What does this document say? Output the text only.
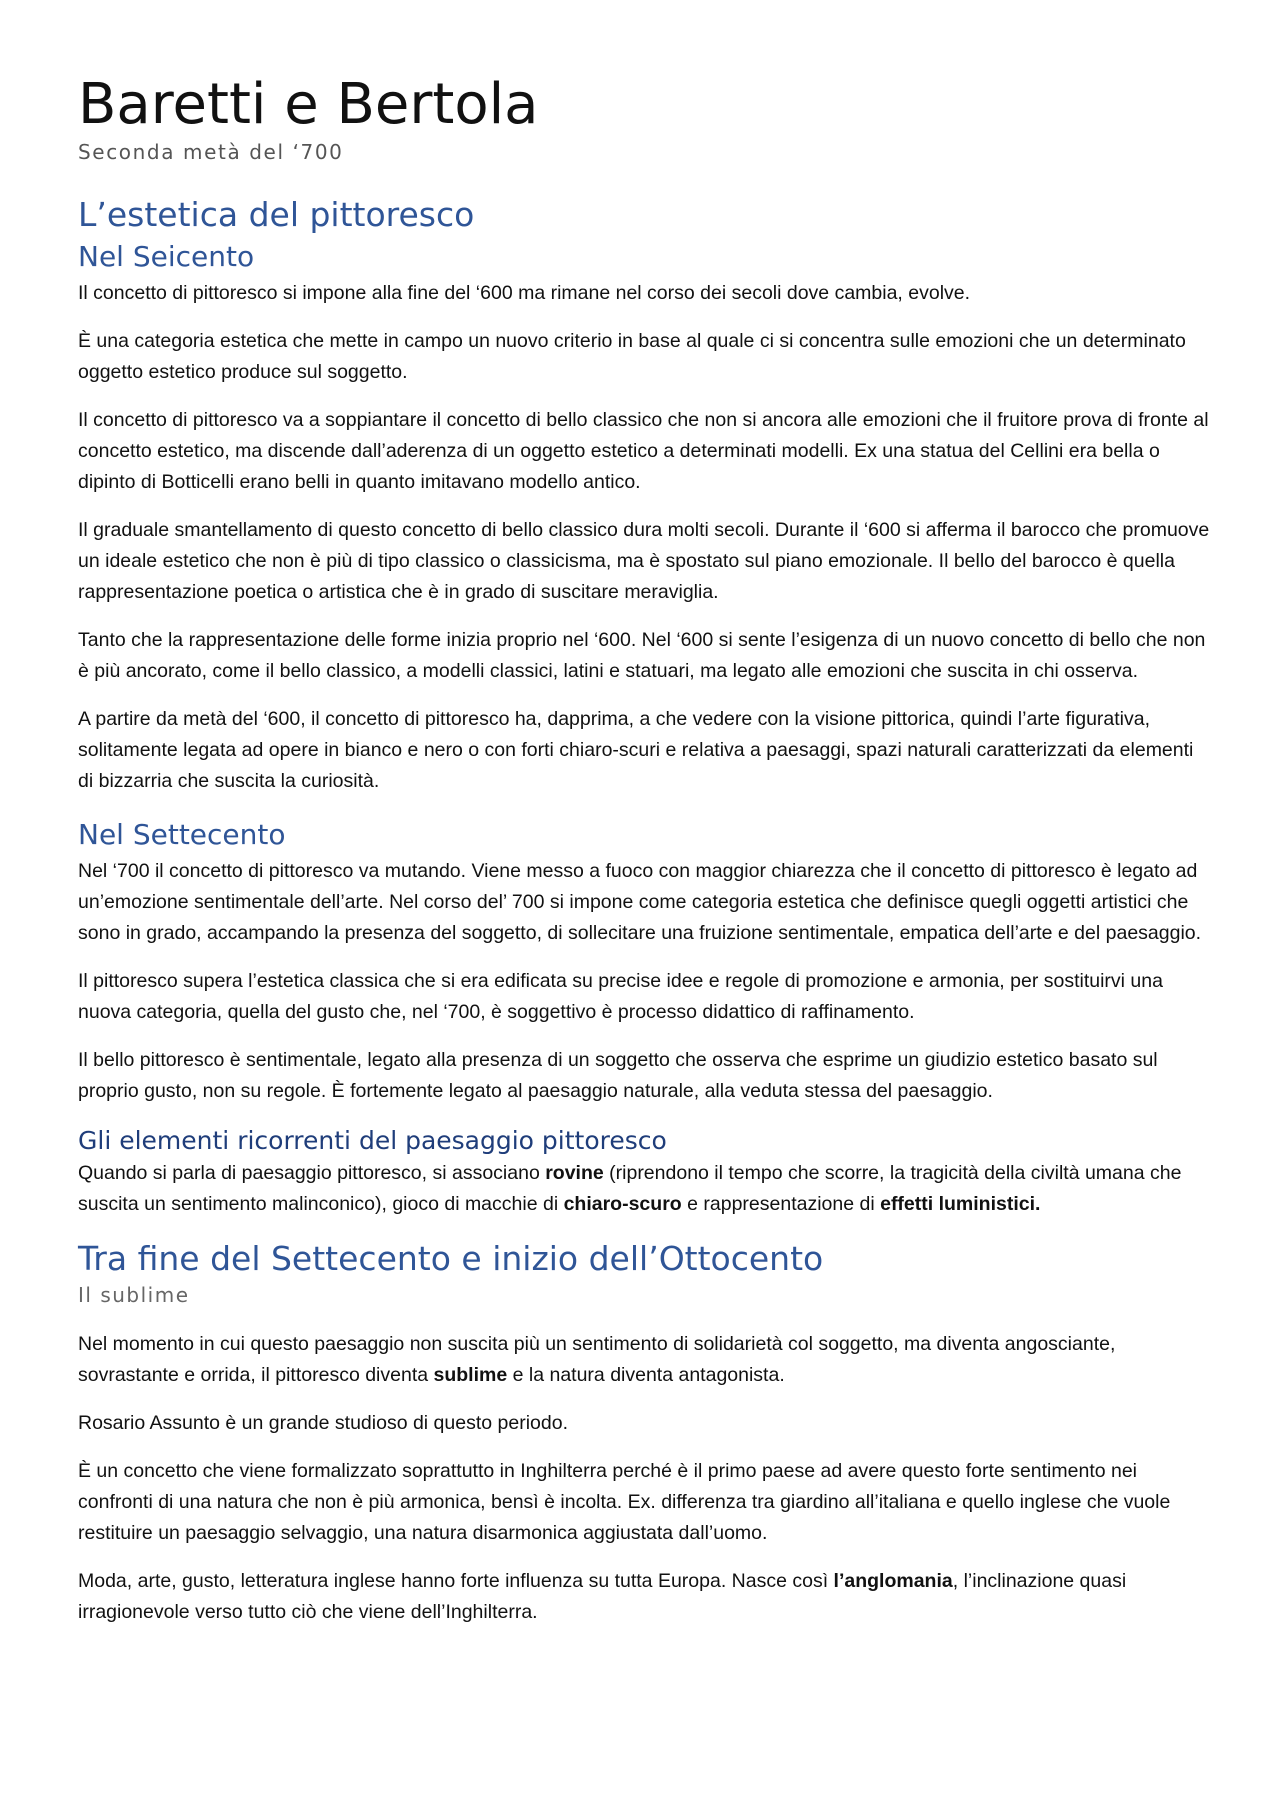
Baretti e Bertola
Seconda metà del ‘700
L’estetica del pittoresco
Nel Seicento

Il concetto di pittoresco si impone alla fine del ‘600 ma rimane nel corso dei secoli dove cambia, evolve.

È una categoria estetica che mette in campo un nuovo criterio in base al quale ci si concentra sulle emozioni che un determinato oggetto estetico produce sul soggetto.

Il concetto di pittoresco va a soppiantare il concetto di bello classico che non si ancora alle emozioni che il fruitore prova di fronte al concetto estetico, ma discende dall’aderenza di un oggetto estetico a determinati modelli. Ex una statua del Cellini era bella o dipinto di Botticelli erano belli in quanto imitavano modello antico.

Il graduale smantellamento di questo concetto di bello classico dura molti secoli. Durante il ‘600 si afferma il barocco che promuove un ideale estetico che non è più di tipo classico o classicisma, ma è spostato sul piano emozionale. Il bello del barocco è quella rappresentazione poetica o artistica che è in grado di suscitare meraviglia.

Tanto che la rappresentazione delle forme inizia proprio nel ‘600. Nel ‘600 si sente l’esigenza di un nuovo concetto di bello che non è più ancorato, come il bello classico, a modelli classici, latini e statuari, ma legato alle emozioni che suscita in chi osserva.

A partire da metà del ‘600, il concetto di pittoresco ha, dapprima, a che vedere con la visione pittorica, quindi l’arte figurativa, solitamente legata ad opere in bianco e nero o con forti chiaro-scuri e relativa a paesaggi, spazi naturali caratterizzati da elementi di bizzarria che suscita la curiosità.

Nel Settecento

Nel ‘700 il concetto di pittoresco va mutando. Viene messo a fuoco con maggior chiarezza che il concetto di pittoresco è legato ad un’emozione sentimentale dell’arte. Nel corso del’ 700 si impone come categoria estetica che definisce quegli oggetti artistici che sono in grado, accampando la presenza del soggetto, di sollecitare una fruizione sentimentale, empatica dell’arte e del paesaggio.

Il pittoresco supera l’estetica classica che si era edificata su precise idee e regole di promozione e armonia, per sostituirvi una nuova categoria, quella del gusto che, nel ‘700, è soggettivo è processo didattico di raffinamento.

Il bello pittoresco è sentimentale, legato alla presenza di un soggetto che osserva che esprime un giudizio estetico basato sul proprio gusto, non su regole. È fortemente legato al paesaggio naturale, alla veduta stessa del paesaggio.

Gli elementi ricorrenti del paesaggio pittoresco

Quando si parla di paesaggio pittoresco, si associano rovine (riprendono il tempo che scorre, la tragicità della civiltà umana che suscita un sentimento malinconico), gioco di macchie di chiaro-scuro e rappresentazione di effetti luministici.

Tra fine del Settecento e inizio dell’Ottocento
Il sublime

Nel momento in cui questo paesaggio non suscita più un sentimento di solidarietà col soggetto, ma diventa angosciante, sovrastante e orrida, il pittoresco diventa sublime e la natura diventa antagonista.

Rosario Assunto è un grande studioso di questo periodo.

È un concetto che viene formalizzato soprattutto in Inghilterra perché è il primo paese ad avere questo forte sentimento nei confronti di una natura che non è più armonica, bensì è incolta. Ex. differenza tra giardino all’italiana e quello inglese che vuole restituire un paesaggio selvaggio, una natura disarmonica aggiustata dall’uomo.

Moda, arte, gusto, letteratura inglese hanno forte influenza su tutta Europa. Nasce così l’anglomania, l’inclinazione quasi irragionevole verso tutto ciò che viene dell’Inghilterra.
